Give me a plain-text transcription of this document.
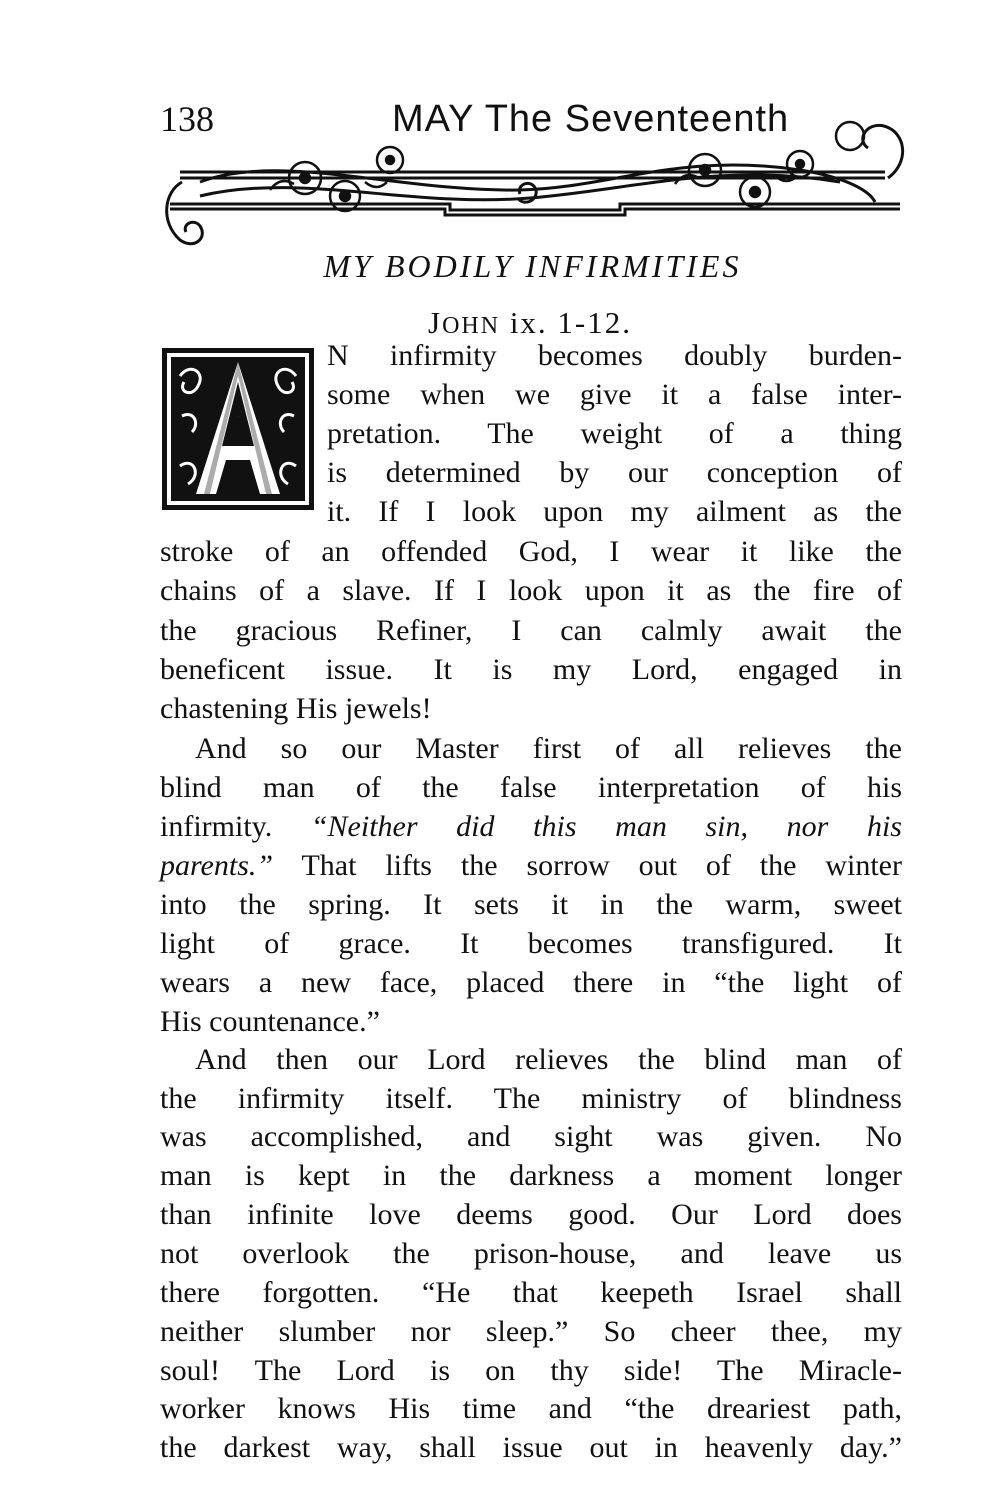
138	MAY The Seventeenth
MY BODILY INFIRMITIES
JOHN ix. 1-12.
A
N infirmity becomes doubly burden-
some when we give it a false inter-
pretation. The weight of a thing
is determined by our conception of
it. If I look upon my ailment as the
stroke of an offended God, I wear it like the
chains of a slave. If I look upon it as the fire of
the gracious Refiner, I can calmly await the
beneficent issue. It is my Lord, engaged in
chastening His jewels!
And so our Master first of all relieves the
blind man of the false interpretation of his
infirmity. “Neither did this man sin, nor his
parents.” That lifts the sorrow out of the winter
into the spring. It sets it in the warm, sweet
light of grace. It becomes transfigured. It
wears a new face, placed there in “the light of
His countenance.”
And then our Lord relieves the blind man of
the infirmity itself. The ministry of blindness
was accomplished, and sight was given. No
man is kept in the darkness a moment longer
than infinite love deems good. Our Lord does
not overlook the prison-house, and leave us
there forgotten. “He that keepeth Israel shall
neither slumber nor sleep.” So cheer thee, my
soul! The Lord is on thy side! The Miracle-
worker knows His time and “the dreariest path,
the darkest way, shall issue out in heavenly day.”
